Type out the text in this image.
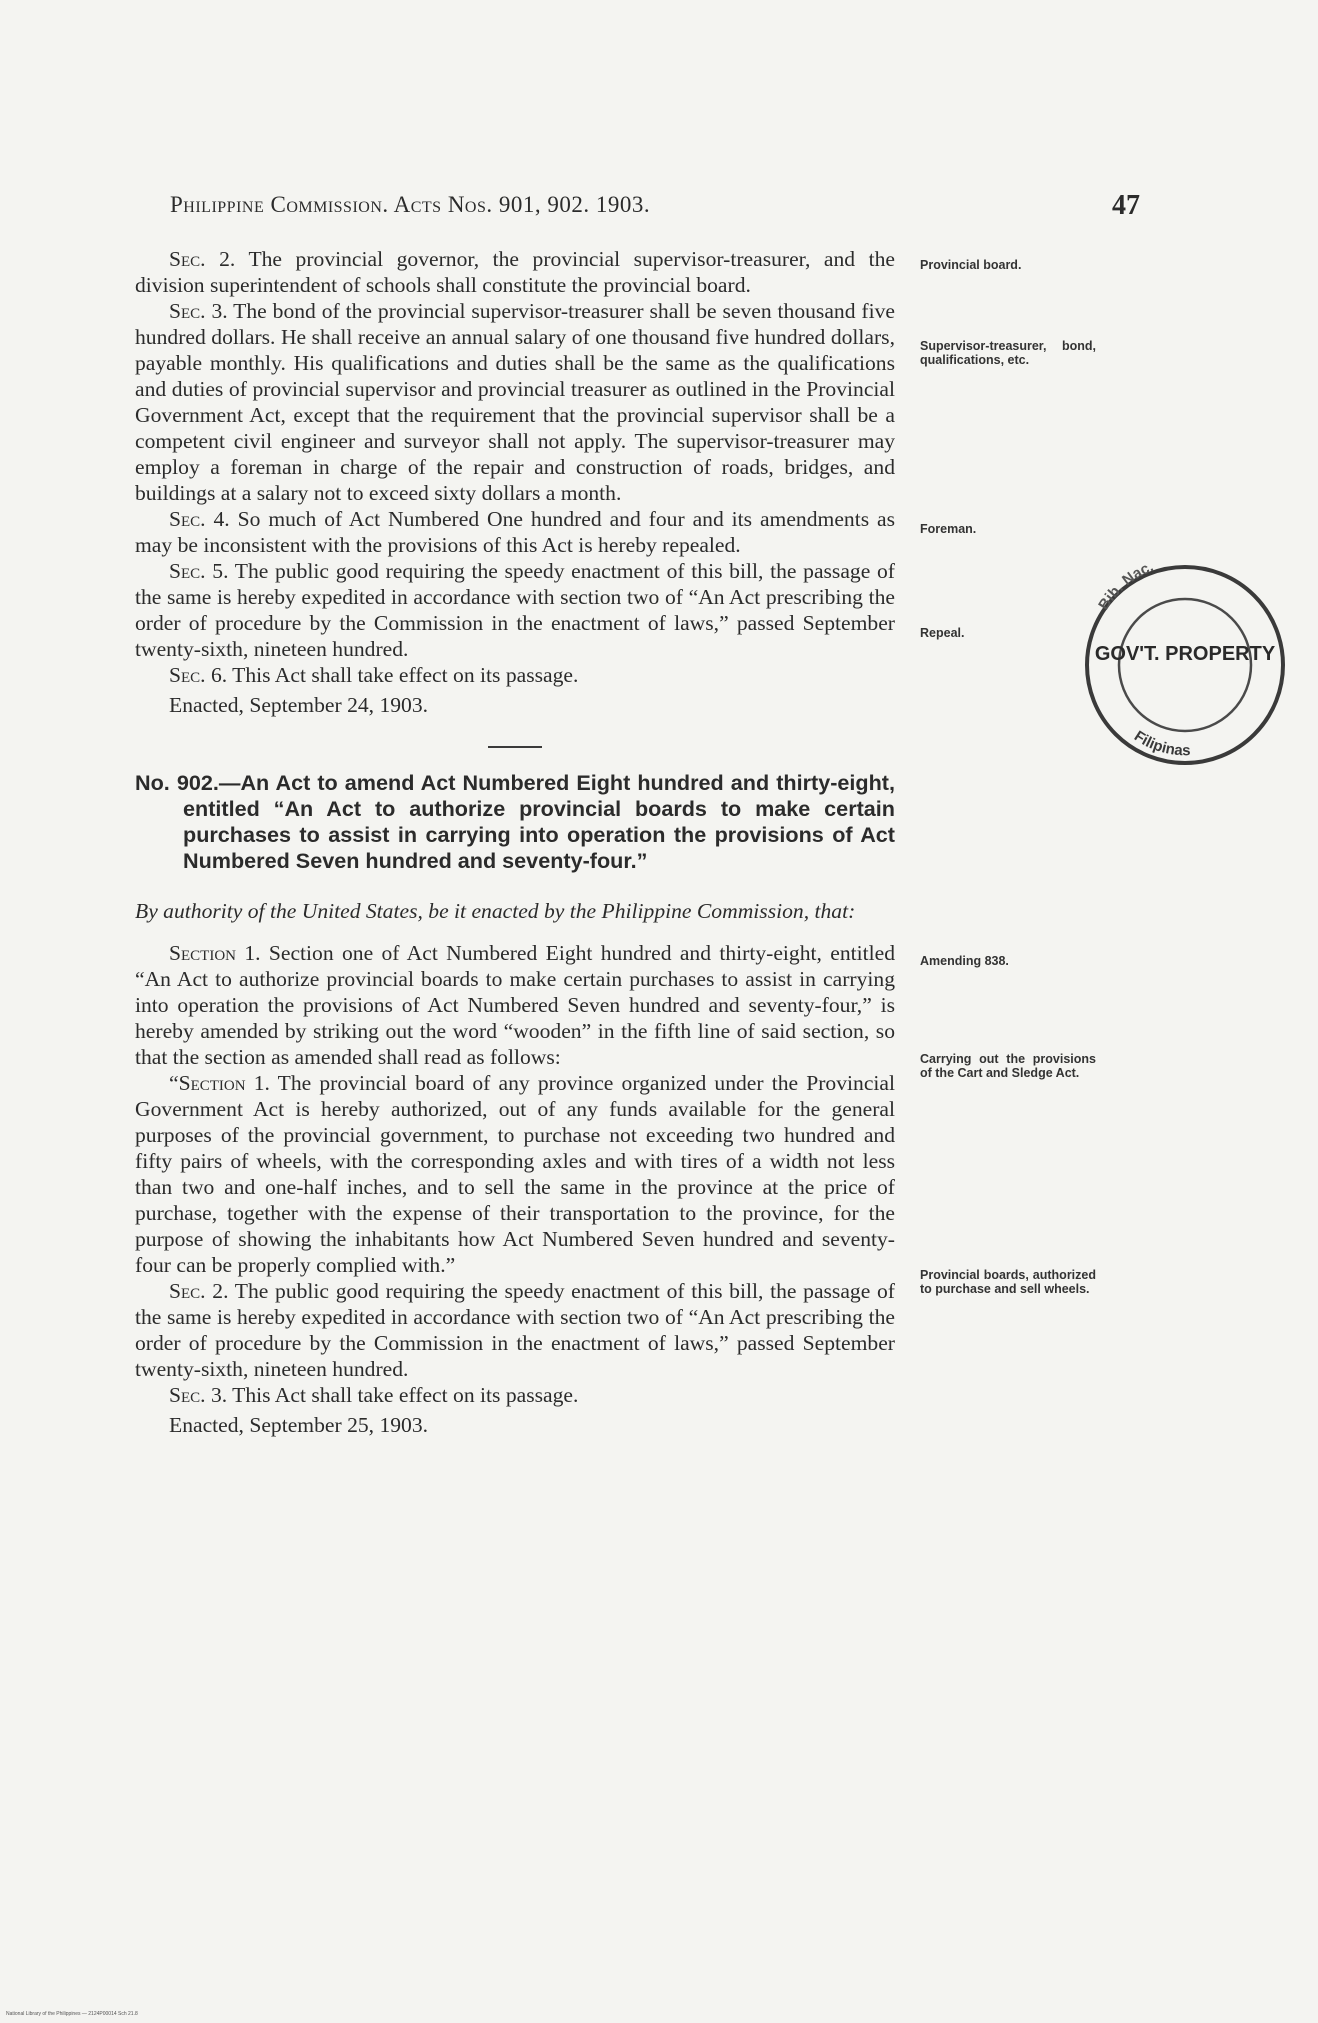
Philippine Commission. Acts Nos. 901, 902. 1903.	47

Sec. 2. The provincial governor, the provincial supervisor-treasurer, and the division superintendent of schools shall constitute the provincial board.

Sec. 3. The bond of the provincial supervisor-treasurer shall be seven thousand five hundred dollars. He shall receive an annual salary of one thousand five hundred dollars, payable monthly. His qualifications and duties shall be the same as the qualifications and duties of provincial supervisor and provincial treasurer as outlined in the Provincial Government Act, except that the requirement that the provincial supervisor shall be a competent civil engineer and surveyor shall not apply. The supervisor-treasurer may employ a foreman in charge of the repair and construction of roads, bridges, and buildings at a salary not to exceed sixty dollars a month.

Sec. 4. So much of Act Numbered One hundred and four and its amendments as may be inconsistent with the provisions of this Act is hereby repealed.

Sec. 5. The public good requiring the speedy enactment of this bill, the passage of the same is hereby expedited in accordance with section two of “An Act prescribing the order of procedure by the Commission in the enactment of laws,” passed September twenty-sixth, nineteen hundred.

Sec. 6. This Act shall take effect on its passage.

Enacted, September 24, 1903.

No. 902.—An Act to amend Act Numbered Eight hundred and thirty-eight, entitled “An Act to authorize provincial boards to make certain purchases to assist in carrying into operation the provisions of Act Numbered Seven hundred and seventy-four.”

By authority of the United States, be it enacted by the Philippine Commission, that:

Section 1. Section one of Act Numbered Eight hundred and thirty-eight, entitled “An Act to authorize provincial boards to make certain purchases to assist in carrying into operation the provisions of Act Numbered Seven hundred and seventy-four,” is hereby amended by striking out the word “wooden” in the fifth line of said section, so that the section as amended shall read as follows:

“Section 1. The provincial board of any province organized under the Provincial Government Act is hereby authorized, out of any funds available for the general purposes of the provincial government, to purchase not exceeding two hundred and fifty pairs of wheels, with the corresponding axles and with tires of a width not less than two and one-half inches, and to sell the same in the province at the price of purchase, together with the expense of their transportation to the province, for the purpose of showing the inhabitants how Act Numbered Seven hundred and seventy-four can be properly complied with.”

Sec. 2. The public good requiring the speedy enactment of this bill, the passage of the same is hereby expedited in accordance with section two of “An Act prescribing the order of procedure by the Commission in the enactment of laws,” passed September twenty-sixth, nineteen hundred.

Sec. 3. This Act shall take effect on its passage.

Enacted, September 25, 1903.

Provincial board.
Supervisor-treasurer, bond, qualifications, etc.
Foreman.
Repeal.
Amending 838.
Carrying out the provisions of the Cart and Sledge Act.
Provincial boards, authorized to purchase and sell wheels.
Bib. Nac.
GOV'T. PROPERTY
Filipinas
National Library of the Philippines — 2124P00014 Sch 21.8
